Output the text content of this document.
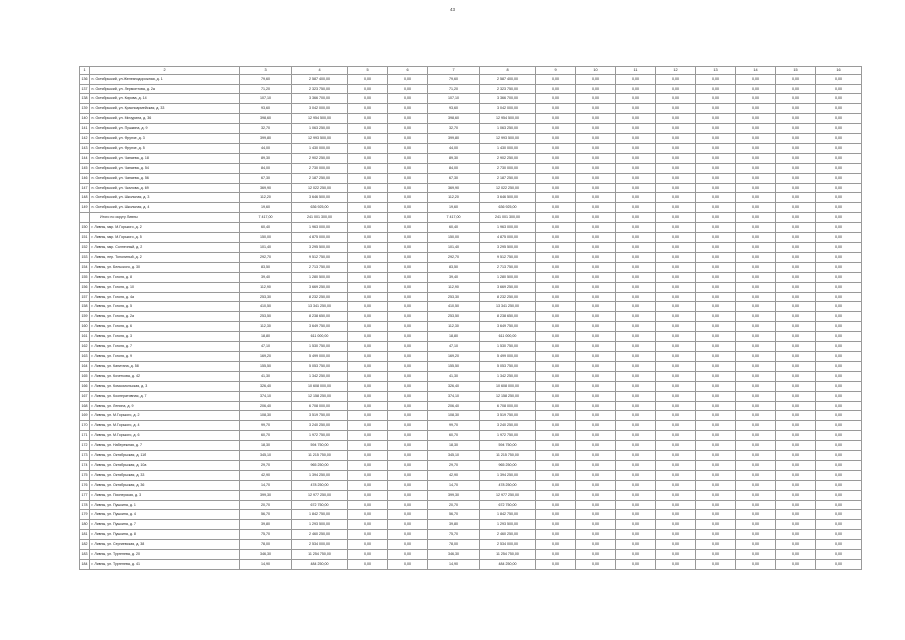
43
1	2	3	4	5	6	7	8	9	10	11	12	13	14	15	16
136	п. Октябрьский, ул.Железнодорожная, д. 1	79,60	2 587 400,00	0,00	0,00	79,60	2 587 400,00	0,00	0,00	0,00	0,00	0,00	0,00	0,00	0,00
137	п. Октябрьский, ул. Лермонтова, д. 2а	71,20	2 323 750,00	0,00	0,00	71,20	2 323 750,00	0,00	0,00	0,00	0,00	0,00	0,00	0,00	0,00
138	п. Октябрьский, ул. Кирова, д. 14	107,10	3 366 700,00	0,00	0,00	107,10	3 366 700,00	0,00	0,00	0,00	0,00	0,00	0,00	0,00	0,00
139	п. Октябрьский, ул. Красноармейская, д. 33	93,60	3 042 000,00	0,00	0,00	93,60	3 042 000,00	0,00	0,00	0,00	0,00	0,00	0,00	0,00	0,00
140	п. Октябрьский, ул. Мичурина, д. 36	398,60	12 954 500,00	0,00	0,00	398,60	12 954 500,00	0,00	0,00	0,00	0,00	0,00	0,00	0,00	0,00
141	п. Октябрьский, ул. Пушкина, д. 9	32,70	1 063 250,00	0,00	0,00	32,70	1 063 250,00	0,00	0,00	0,00	0,00	0,00	0,00	0,00	0,00
142	п. Октябрьский, ул. Фрунзе, д. 3	399,80	12 993 500,00	0,00	0,00	399,80	12 993 500,00	0,00	0,00	0,00	0,00	0,00	0,00	0,00	0,00
143	п. Октябрьский, ул. Фрунзе, д. 5	44,00	1 430 000,00	0,00	0,00	44,00	1 430 000,00	0,00	0,00	0,00	0,00	0,00	0,00	0,00	0,00
144	п. Октябрьский, ул. Чапаева, д. 18	89,30	2 902 250,00	0,00	0,00	89,30	2 902 250,00	0,00	0,00	0,00	0,00	0,00	0,00	0,00	0,00
145	п. Октябрьский, ул. Чапаева, д. 54	84,00	2 730 000,00	0,00	0,00	84,00	2 730 000,00	0,00	0,00	0,00	0,00	0,00	0,00	0,00	0,00
146	п. Октябрьский, ул. Чапаева, д. 56	67,30	2 187 250,00	0,00	0,00	67,30	2 187 250,00	0,00	0,00	0,00	0,00	0,00	0,00	0,00	0,00
147	п. Октябрьский, ул. Чкалова, д. 69	369,90	12 022 250,00	0,00	0,00	369,90	12 022 250,00	0,00	0,00	0,00	0,00	0,00	0,00	0,00	0,00
148	п. Октябрьский, ул. Школьная, д. 3	112,20	3 646 500,00	0,00	0,00	112,20	3 646 500,00	0,00	0,00	0,00	0,00	0,00	0,00	0,00	0,00
149	п. Октябрьский, ул. Школьная, д. 4	19,60	636 925,00	0,00	0,00	19,60	636 925,00	0,00	0,00	0,00	0,00	0,00	0,00	0,00	0,00
	Итого по округу Ливны	7 417,00	241 001 300,00	0,00	0,00	7 417,00	241 001 300,00	0,00	0,00	0,00	0,00	0,00	0,00	0,00	0,00
150	г. Ливны, мкр. М.Горького, д. 2	60,40	1 963 000,00	0,00	0,00	60,40	1 963 000,00	0,00	0,00	0,00	0,00	0,00	0,00	0,00	0,00
151	г. Ливны, мкр. М.Горького, д. 5	150,00	4 875 000,00	0,00	0,00	150,00	4 875 000,00	0,00	0,00	0,00	0,00	0,00	0,00	0,00	0,00
152	г. Ливны, мкр. Солнечный, д. 2	101,40	3 295 500,00	0,00	0,00	101,40	3 295 500,00	0,00	0,00	0,00	0,00	0,00	0,00	0,00	0,00
153	г. Ливны, пер. Тополиный, д. 2	292,70	9 512 750,00	0,00	0,00	292,70	9 512 750,00	0,00	0,00	0,00	0,00	0,00	0,00	0,00	0,00
154	г. Ливны, ул. Бельского, д. 30	83,50	2 713 750,00	0,00	0,00	83,50	2 713 750,00	0,00	0,00	0,00	0,00	0,00	0,00	0,00	0,00
155	г. Ливны, ул. Гоголя, д. 8	39,40	1 280 500,00	0,00	0,00	39,40	1 280 500,00	0,00	0,00	0,00	0,00	0,00	0,00	0,00	0,00
156	г. Ливны, ул. Гоголя, д. 10	112,90	3 669 250,00	0,00	0,00	112,90	3 669 250,00	0,00	0,00	0,00	0,00	0,00	0,00	0,00	0,00
157	г. Ливны, ул. Гоголя, д. 4а	253,30	8 232 250,00	0,00	0,00	253,30	8 232 250,00	0,00	0,00	0,00	0,00	0,00	0,00	0,00	0,00
158	г. Ливны, ул. Гоголя, д. 5	410,50	13 341 250,00	0,00	0,00	410,50	13 341 250,00	0,00	0,00	0,00	0,00	0,00	0,00	0,00	0,00
159	г. Ливны, ул. Гоголя, д. 2а	253,50	8 238 650,00	0,00	0,00	253,50	8 238 650,00	0,00	0,00	0,00	0,00	0,00	0,00	0,00	0,00
160	г. Ливны, ул. Гоголя, д. 6	112,30	3 649 750,00	0,00	0,00	112,30	3 649 750,00	0,00	0,00	0,00	0,00	0,00	0,00	0,00	0,00
161	г. Ливны, ул. Гоголя, д. 3	18,80	611 000,00	0,00	0,00	18,80	611 000,00	0,00	0,00	0,00	0,00	0,00	0,00	0,00	0,00
162	г. Ливны, ул. Гоголя, д. 7	47,10	1 530 750,00	0,00	0,00	47,10	1 530 750,00	0,00	0,00	0,00	0,00	0,00	0,00	0,00	0,00
163	г. Ливны, ул. Гоголя, д. 9	169,20	5 499 000,00	0,00	0,00	169,20	5 499 000,00	0,00	0,00	0,00	0,00	0,00	0,00	0,00	0,00
164	г. Ливны, ул. Капитана, д. 58	155,50	5 053 750,00	0,00	0,00	155,50	5 053 750,00	0,00	0,00	0,00	0,00	0,00	0,00	0,00	0,00
165	г. Ливны, ул. Кочеткова, д. 42	41,30	1 342 250,00	0,00	0,00	41,30	1 342 250,00	0,00	0,00	0,00	0,00	0,00	0,00	0,00	0,00
166	г. Ливны, ул. Комсомольская, д. 3	326,40	10 608 000,00	0,00	0,00	326,40	10 608 000,00	0,00	0,00	0,00	0,00	0,00	0,00	0,00	0,00
167	г. Ливны, ул. Кооперативная, д. 7	374,10	12 158 250,00	0,00	0,00	374,10	12 158 250,00	0,00	0,00	0,00	0,00	0,00	0,00	0,00	0,00
168	г. Ливны, ул. Ленина, д. 9	206,40	6 708 000,00	0,00	0,00	206,40	6 708 000,00	0,00	0,00	0,00	0,00	0,00	0,00	0,00	0,00
169	г. Ливны, ул. М.Горького, д. 2	108,30	3 519 750,00	0,00	0,00	108,30	3 519 750,00	0,00	0,00	0,00	0,00	0,00	0,00	0,00	0,00
170	г. Ливны, ул. М.Горького, д. 4	99,70	3 240 250,00	0,00	0,00	99,70	3 240 250,00	0,00	0,00	0,00	0,00	0,00	0,00	0,00	0,00
171	г. Ливны, ул. М.Горького, д. 6	60,70	1 972 750,00	0,00	0,00	60,70	1 972 750,00	0,00	0,00	0,00	0,00	0,00	0,00	0,00	0,00
172	г. Ливны, ул. Набережная, д. 7	18,30	594 750,00	0,00	0,00	18,30	594 750,00	0,00	0,00	0,00	0,00	0,00	0,00	0,00	0,00
173	г. Ливны, ул. Октябрьская, д. 11б	345,10	11 215 750,00	0,00	0,00	345,10	11 215 750,00	0,00	0,00	0,00	0,00	0,00	0,00	0,00	0,00
174	г. Ливны, ул. Октябрьская, д. 10а	29,70	965 250,00	0,00	0,00	29,70	965 250,00	0,00	0,00	0,00	0,00	0,00	0,00	0,00	0,00
175	г. Ливны, ул. Октябрьская, д. 33	42,90	1 394 250,00	0,00	0,00	42,90	1 394 250,00	0,00	0,00	0,00	0,00	0,00	0,00	0,00	0,00
176	г. Ливны, ул. Октябрьская, д. 36	14,70	478 250,00	0,00	0,00	14,70	478 250,00	0,00	0,00	0,00	0,00	0,00	0,00	0,00	0,00
177	г. Ливны, ул. Пионерская, д. 3	399,30	12 977 250,00	0,00	0,00	399,30	12 977 250,00	0,00	0,00	0,00	0,00	0,00	0,00	0,00	0,00
178	г. Ливны, ул. Пушкина, д. 1	20,70	672 750,00	0,00	0,00	20,70	672 750,00	0,00	0,00	0,00	0,00	0,00	0,00	0,00	0,00
179	г. Ливны, ул. Пушкина, д. 4	56,70	1 842 750,00	0,00	0,00	56,70	1 842 750,00	0,00	0,00	0,00	0,00	0,00	0,00	0,00	0,00
180	г. Ливны, ул. Пушкина, д. 7	39,80	1 293 500,00	0,00	0,00	39,80	1 293 500,00	0,00	0,00	0,00	0,00	0,00	0,00	0,00	0,00
181	г. Ливны, ул. Пушкина, д. 8	75,70	2 460 250,00	0,00	0,00	75,70	2 460 250,00	0,00	0,00	0,00	0,00	0,00	0,00	0,00	0,00
182	г. Ливны, ул. Сергиевская, д. 38	78,00	2 534 000,00	0,00	0,00	78,00	2 534 000,00	0,00	0,00	0,00	0,00	0,00	0,00	0,00	0,00
183	г. Ливны, ул. Тургенева, д. 20	346,30	11 254 750,00	0,00	0,00	346,30	11 254 750,00	0,00	0,00	0,00	0,00	0,00	0,00	0,00	0,00
184	г. Ливны, ул. Тургенева, д. 41	14,90	484 250,00	0,00	0,00	14,90	484 250,00	0,00	0,00	0,00	0,00	0,00	0,00	0,00	0,00
